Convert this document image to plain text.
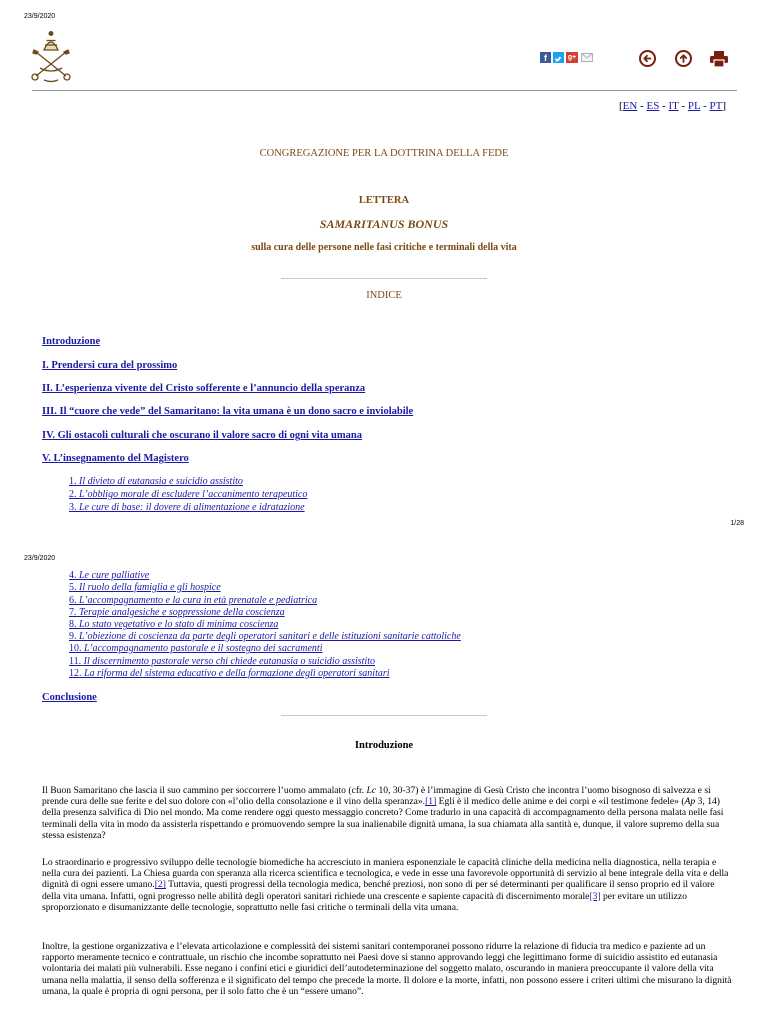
23/9/2020
f	g+
[EN - ES - IT - PL - PT]
CONGREGAZIONE PER LA DOTTRINA DELLA FEDE
LETTERA
SAMARITANUS BONUS
sulla cura delle persone nelle fasi critiche e terminali della vita
INDICE
Introduzione
I. Prendersi cura del prossimo
II. L’esperienza vivente del Cristo sofferente e l’annuncio della speranza
III. Il “cuore che vede” del Samaritano: la vita umana è un dono sacro e inviolabile
IV. Gli ostacoli culturali che oscurano il valore sacro di ogni vita umana
V. L’insegnamento del Magistero
1. Il divieto di eutanasia e suicidio assistito
2. L’obbligo morale di escludere l’accanimento terapeutico
3. Le cure di base: il dovere di alimentazione e idratazione
1/28
23/9/2020
4. Le cure palliative
5. Il ruolo della famiglia e gli hospice
6. L’accompagnamento e la cura in età prenatale e pediatrica
7. Terapie analgesiche e soppressione della coscienza
8. Lo stato vegetativo e lo stato di minima coscienza
9. L’obiezione di coscienza da parte degli operatori sanitari e delle istituzioni sanitarie cattoliche
10. L’accompagnamento pastorale e il sostegno dei sacramenti
11. Il discernimento pastorale verso chi chiede eutanasia o suicidio assistito
12. La riforma del sistema educativo e della formazione degli operatori sanitari
Conclusione
Introduzione
Il Buon Samaritano che lascia il suo cammino per soccorrere l’uomo ammalato (cfr. Lc 10, 30-37) è l’immagine di Gesù Cristo che incontra l’uomo bisognoso di salvezza e si prende cura delle sue ferite e del suo dolore con «l’olio della consolazione e il vino della speranza».[1] Egli è il medico delle anime e dei corpi e «il testimone fedele» (Ap 3, 14) della presenza salvifica di Dio nel mondo. Ma come rendere oggi questo messaggio concreto? Come tradurlo in una capacità di accompagnamento della persona malata nelle fasi terminali della vita in modo da assisterla rispettando e promuovendo sempre la sua inalienabile dignità umana, la sua chiamata alla santità e, dunque, il valore supremo della sua stessa esistenza?
Lo straordinario e progressivo sviluppo delle tecnologie biomediche ha accresciuto in maniera esponenziale le capacità cliniche della medicina nella diagnostica, nella terapia e nella cura dei pazienti. La Chiesa guarda con speranza alla ricerca scientifica e tecnologica, e vede in esse una favorevole opportunità di servizio al bene integrale della vita e della dignità di ogni essere umano.[2] Tuttavia, questi progressi della tecnologia medica, benché preziosi, non sono di per sé determinanti per qualificare il senso proprio ed il valore della vita umana. Infatti, ogni progresso nelle abilità degli operatori sanitari richiede una crescente e sapiente capacità di discernimento morale[3] per evitare un utilizzo sproporzionato e disumanizzante delle tecnologie, soprattutto nelle fasi critiche o terminali della vita umana.
Inoltre, la gestione organizzativa e l’elevata articolazione e complessità dei sistemi sanitari contemporanei possono ridurre la relazione di fiducia tra medico e paziente ad un rapporto meramente tecnico e contrattuale, un rischio che incombe soprattutto nei Paesi dove si stanno approvando leggi che legittimano forme di suicidio assistito ed eutanasia volontaria dei malati più vulnerabili. Esse negano i confini etici e giuridici dell’autodeterminazione del soggetto malato, oscurando in maniera preoccupante il valore della vita umana nella malattia, il senso della sofferenza e il significato del tempo che precede la morte. Il dolore e la morte, infatti, non possono essere i criteri ultimi che misurano la dignità umana, la quale è propria di ogni persona, per il solo fatto che è un “essere umano”.
